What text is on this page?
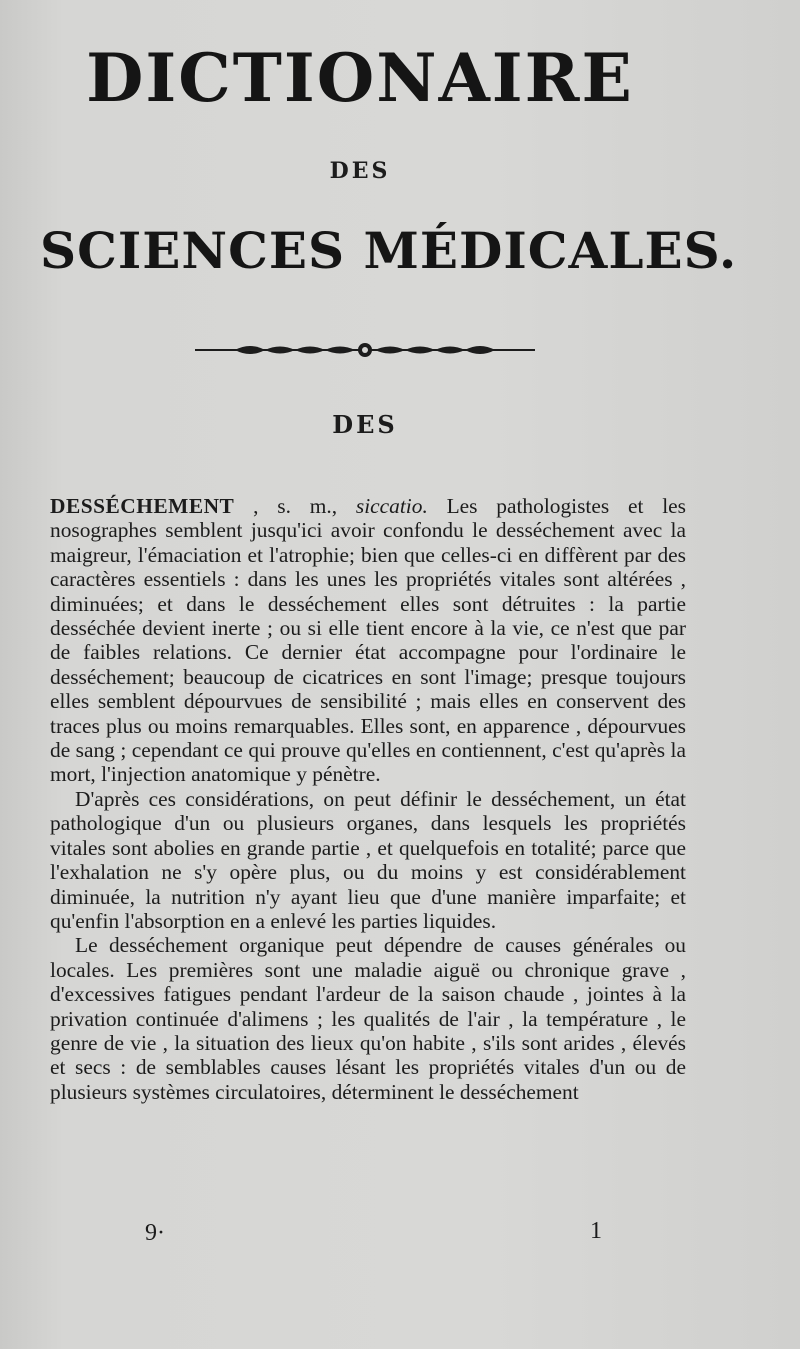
DICTIONAIRE
DES
SCIENCES MÉDICALES.
DES

DESSÉCHEMENT , s. m., siccatio. Les pathologistes et les nosographes semblent jusqu'ici avoir confondu le desséchement avec la maigreur, l'émaciation et l'atrophie; bien que celles-ci en diffèrent par des caractères essentiels : dans les unes les propriétés vitales sont altérées , diminuées; et dans le desséchement elles sont détruites : la partie desséchée devient inerte ; ou si elle tient encore à la vie, ce n'est que par de faibles relations. Ce dernier état accompagne pour l'ordinaire le desséchement; beaucoup de cicatrices en sont l'image; presque toujours elles semblent dépourvues de sensibilité ; mais elles en conservent des traces plus ou moins remarquables. Elles sont, en apparence , dépourvues de sang ; cependant ce qui prouve qu'elles en contiennent, c'est qu'après la mort, l'injection anatomique y pénètre.

D'après ces considérations, on peut définir le desséchement, un état pathologique d'un ou plusieurs organes, dans lesquels les propriétés vitales sont abolies en grande partie , et quelquefois en totalité; parce que l'exhalation ne s'y opère plus, ou du moins y est considérablement diminuée, la nutrition n'y ayant lieu que d'une manière imparfaite; et qu'enfin l'absorption en a enlevé les parties liquides.

Le desséchement organique peut dépendre de causes générales ou locales. Les premières sont une maladie aiguë ou chronique grave , d'excessives fatigues pendant l'ardeur de la saison chaude , jointes à la privation continuée d'alimens ; les qualités de l'air , la température , le genre de vie , la situation des lieux qu'on habite , s'ils sont arides , élevés et secs : de semblables causes lésant les propriétés vitales d'un ou de plusieurs systèmes circulatoires, déterminent le desséchement

9·	1
